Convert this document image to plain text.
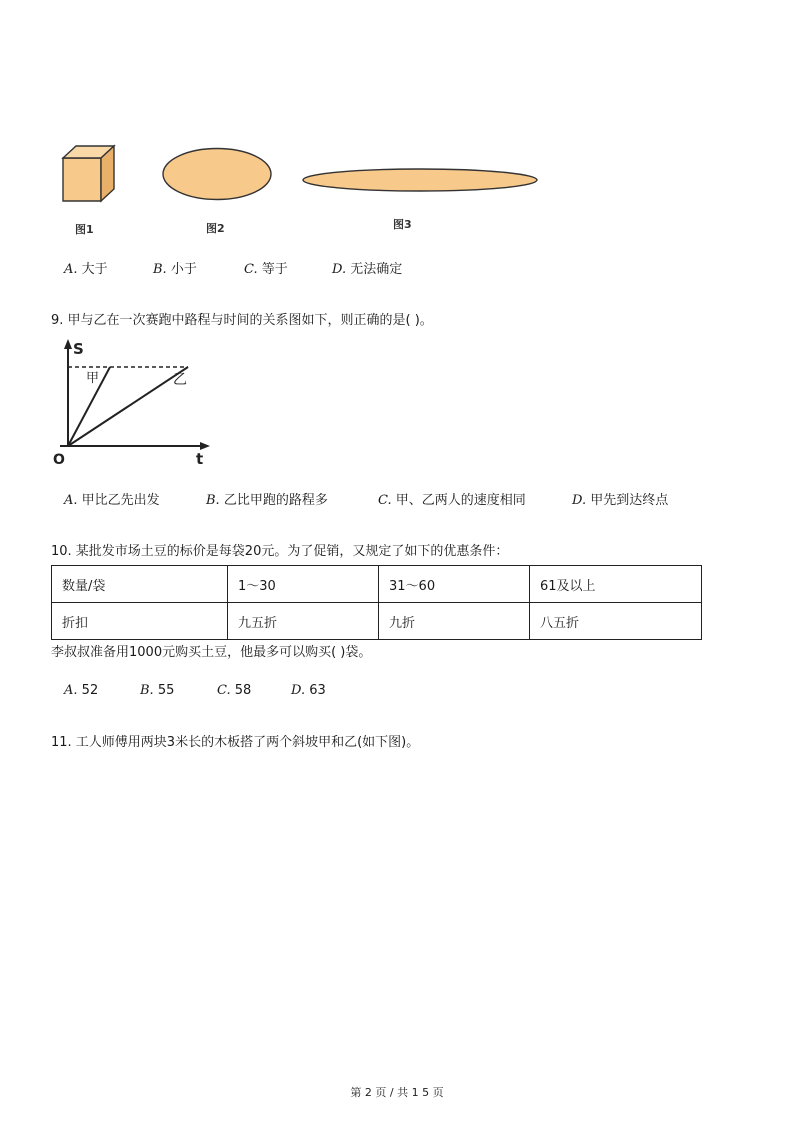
图1	图2	图3
A. 大于	B. 小于	C. 等于	D. 无法确定
9. 甲与乙在一次赛跑中路程与时间的关系图如下，则正确的是( )。
S
t
O
甲	乙
A. 甲比乙先出发	B. 乙比甲跑的路程多	C. 甲、乙两人的速度相同	D. 甲先到达终点
10. 某批发市场土豆的标价是每袋20元。为了促销，又规定了如下的优惠条件：
数量/袋	1～30	31～60	61及以上
折扣	九五折	九折	八五折
李叔叔准备用1000元购买土豆，他最多可以购买( )袋。
A. 52	B. 55	C. 58	D. 63
11. 工人师傅用两块3米长的木板搭了两个斜坡甲和乙(如下图)。
第 2 页 / 共 1 5 页
